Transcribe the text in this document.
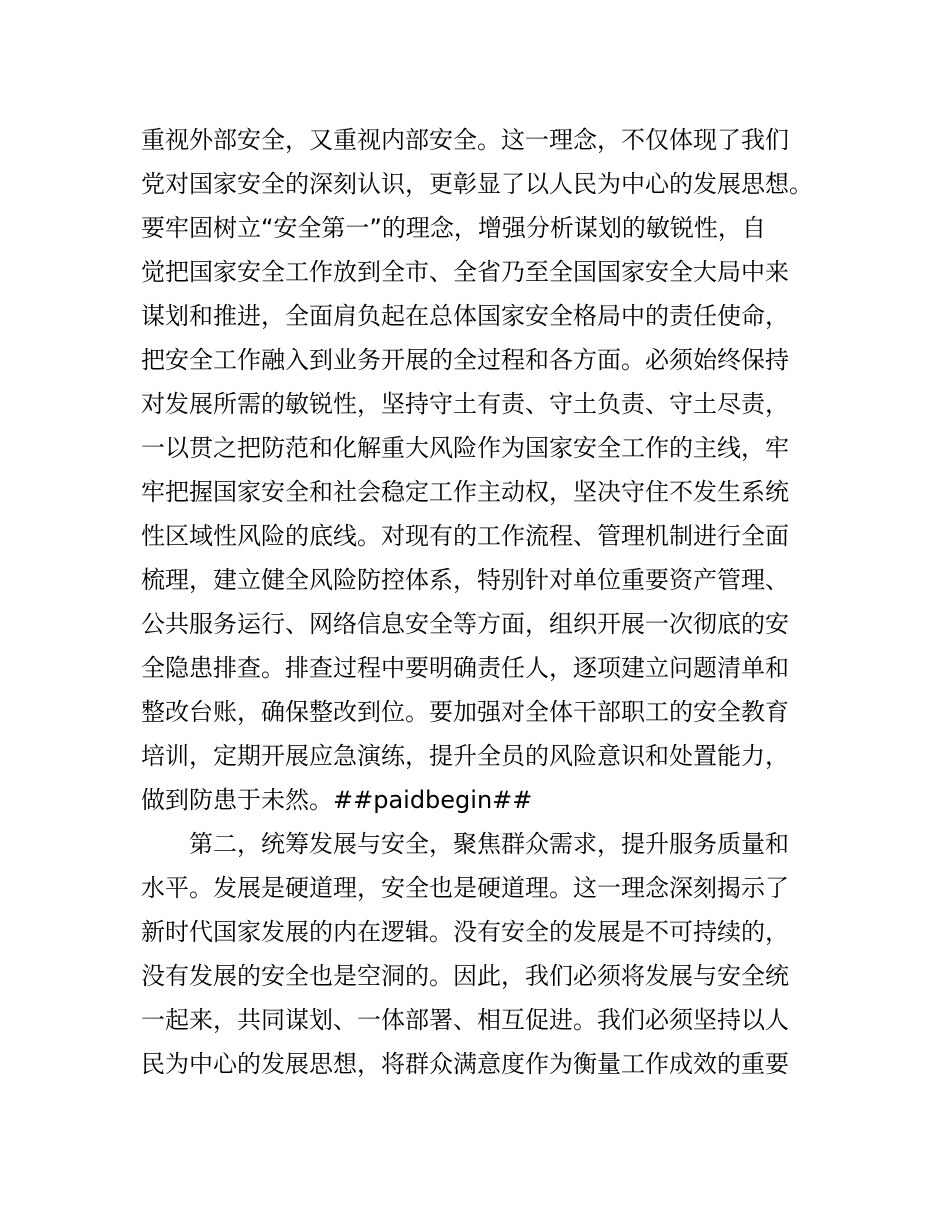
重视外部安全，又重视内部安全。这一理念，不仅体现了我们
党对国家安全的深刻认识，更彰显了以人民为中心的发展思想。
要牢固树立“安全第一”的理念，增强分析谋划的敏锐性，自
觉把国家安全工作放到全市、全省乃至全国国家安全大局中来
谋划和推进，全面肩负起在总体国家安全格局中的责任使命，
把安全工作融入到业务开展的全过程和各方面。必须始终保持
对发展所需的敏锐性，坚持守土有责、守土负责、守土尽责，
一以贯之把防范和化解重大风险作为国家安全工作的主线，牢
牢把握国家安全和社会稳定工作主动权，坚决守住不发生系统
性区域性风险的底线。对现有的工作流程、管理机制进行全面
梳理，建立健全风险防控体系，特别针对单位重要资产管理、
公共服务运行、网络信息安全等方面，组织开展一次彻底的安
全隐患排查。排查过程中要明确责任人，逐项建立问题清单和
整改台账，确保整改到位。要加强对全体干部职工的安全教育
培训，定期开展应急演练，提升全员的风险意识和处置能力，
做到防患于未然。##paidbegin##
　　第二，统筹发展与安全，聚焦群众需求，提升服务质量和
水平。发展是硬道理，安全也是硬道理。这一理念深刻揭示了
新时代国家发展的内在逻辑。没有安全的发展是不可持续的，
没有发展的安全也是空洞的。因此，我们必须将发展与安全统
一起来，共同谋划、一体部署、相互促进。我们必须坚持以人
民为中心的发展思想，将群众满意度作为衡量工作成效的重要
